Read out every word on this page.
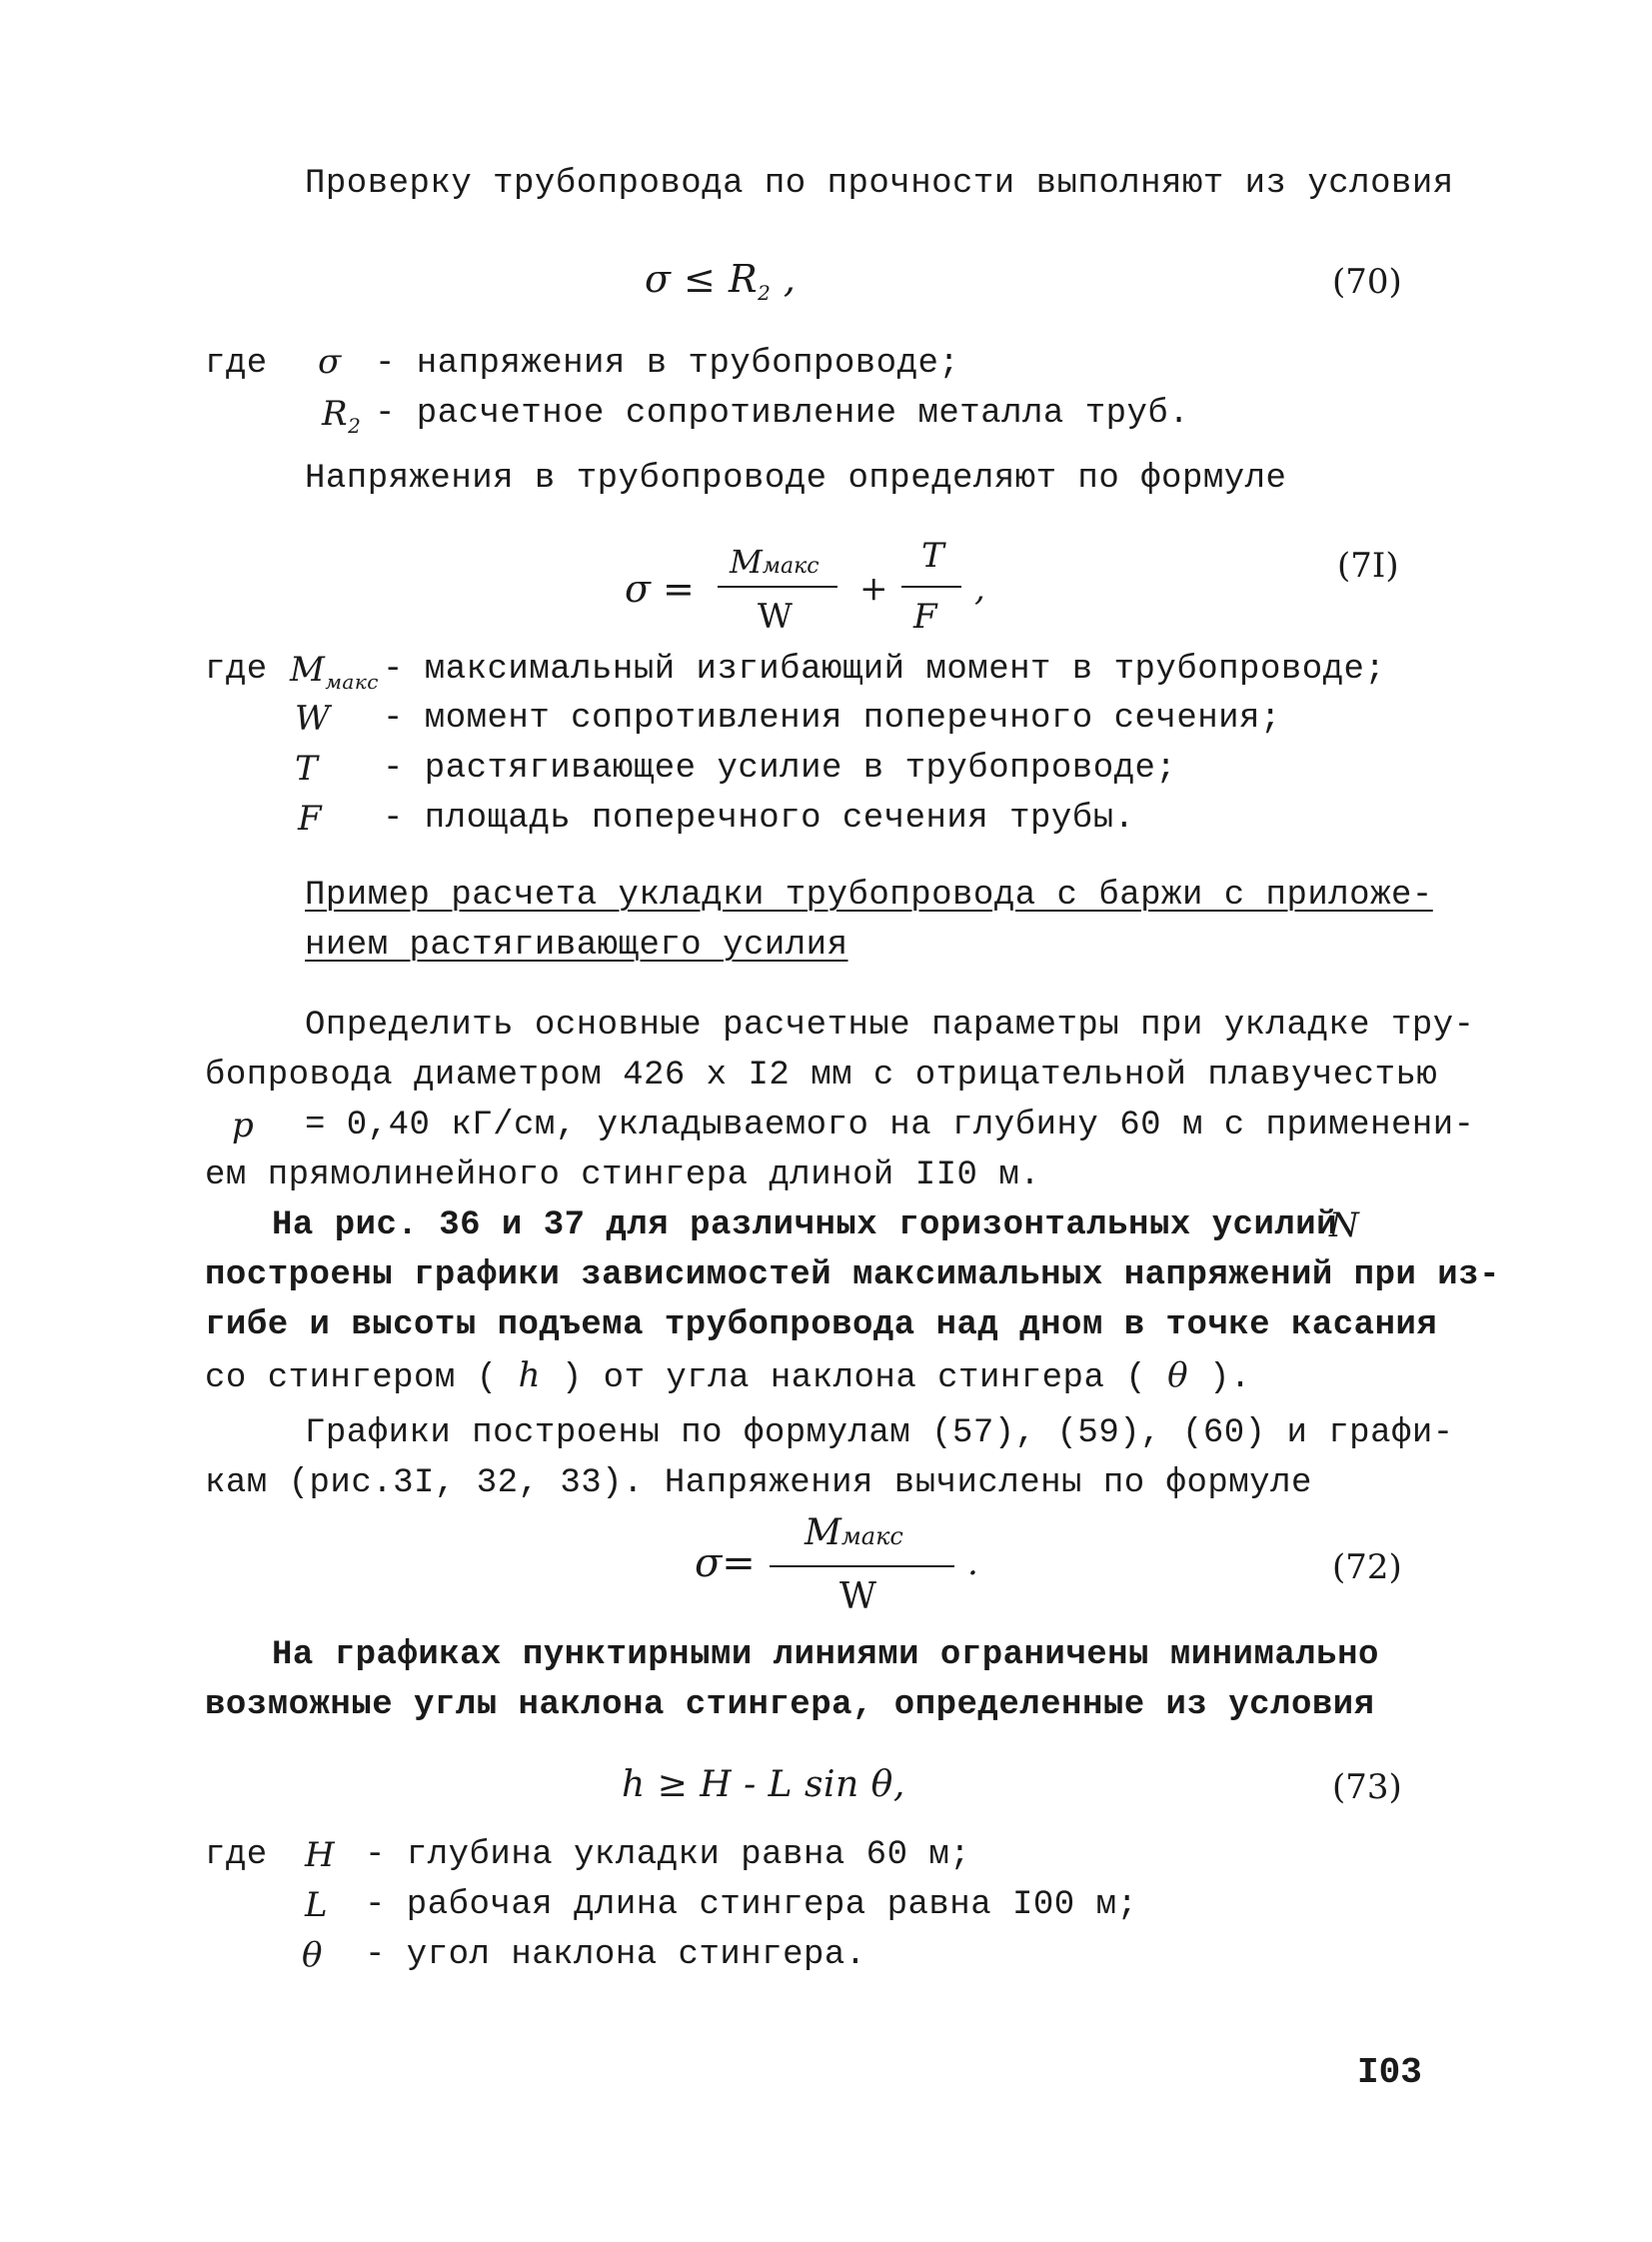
Проверку трубопровода по прочности выполняют из условия
$\sigma \le R_2$ ,	(70)
где σ - напряжения в трубопроводе;
$R_2$ - расчетное сопротивление металла труб.
Напряжения в трубопроводе определяют по формуле
σ =
Mмакс
W
+
T
F
,
(7I)
где $M_{макс}$ - максимальный изгибающий момент в трубопроводе;
W - момент сопротивления поперечного сечения;
T - растягивающее усилие в трубопроводе;
F - площадь поперечного сечения трубы.
Пример расчета укладки трубопровода с баржи с приложе-
нием растягивающего усилия
Определить основные расчетные параметры при укладке тру-
бопровода диаметром 426 x I2 мм с отрицательной плавучестью
p = 0,40 кГ/см, укладываемого на глубину 60 м с применени-
ем прямолинейного стингера длиной II0 м.
На рис. 36 и 37 для различных горизонтальных усилий
N
построены графики зависимостей максимальных напряжений при из-
гибе и высоты подъема трубопровода над дном в точке касания
со стингером ( h ) от угла наклона стингера ( θ ).
Графики построены по формулам (57), (59), (60) и графи-
кам (рис.3I, 32, 33). Напряжения вычислены по формуле
σ=
Mмакс
W
.	(72)
На графиках пунктирными линиями ограничены минимально
возможные углы наклона стингера, определенные из условия
h ≥ H - L sin θ,	(73)
где H - глубина укладки равна 60 м;
L - рабочая длина стингера равна I00 м;
θ - угол наклона стингера.
I03
